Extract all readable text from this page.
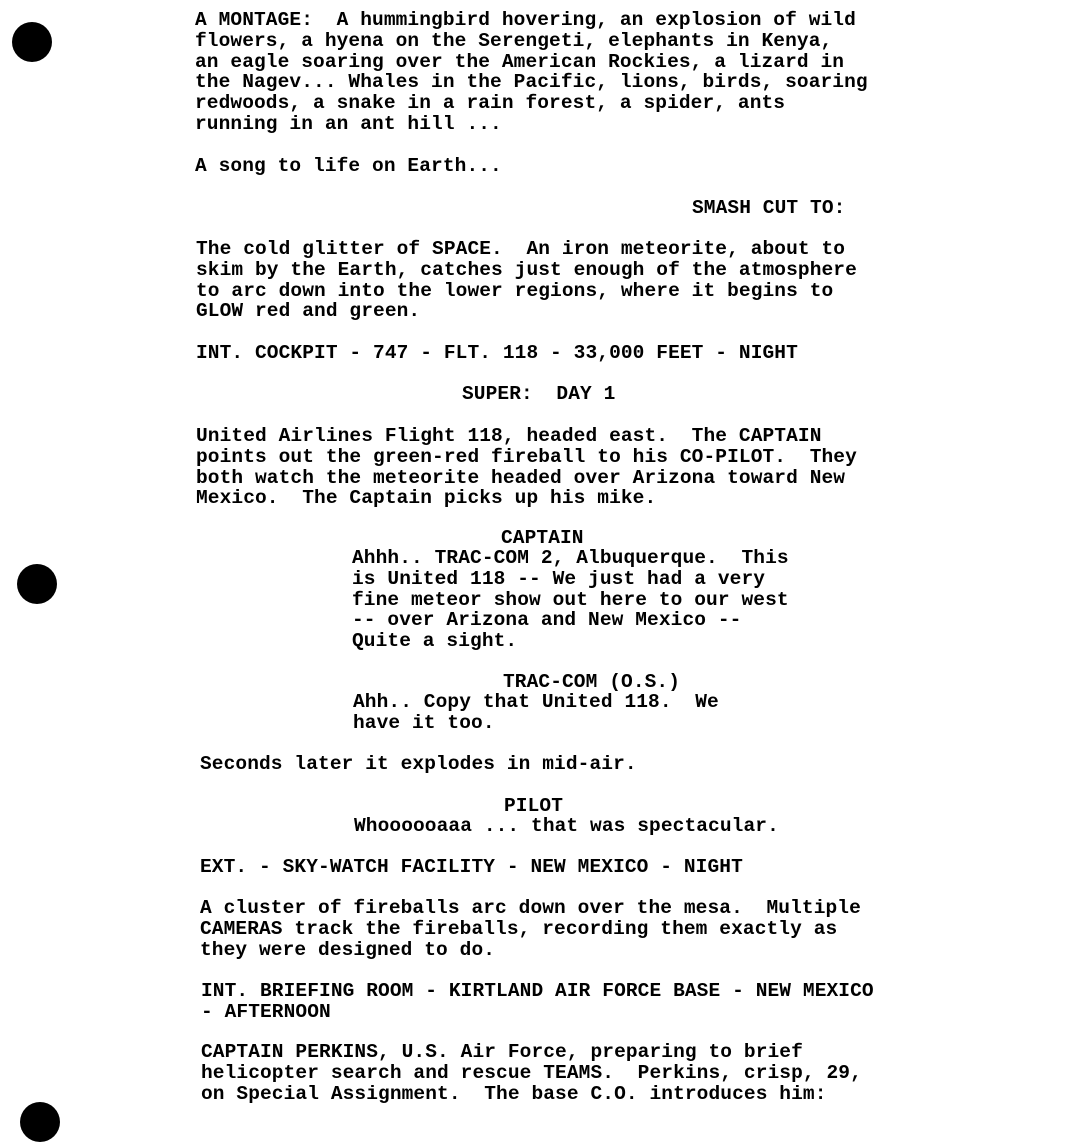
A MONTAGE:  A hummingbird hovering, an explosion of wild
flowers, a hyena on the Serengeti, elephants in Kenya,
an eagle soaring over the American Rockies, a lizard in
the Nagev... Whales in the Pacific, lions, birds, soaring
redwoods, a snake in a rain forest, a spider, ants
running in an ant hill ...
A song to life on Earth...
SMASH CUT TO:
The cold glitter of SPACE.  An iron meteorite, about to
skim by the Earth, catches just enough of the atmosphere
to arc down into the lower regions, where it begins to
GLOW red and green.
INT. COCKPIT - 747 - FLT. 118 - 33,000 FEET - NIGHT
SUPER:  DAY 1
United Airlines Flight 118, headed east.  The CAPTAIN
points out the green-red fireball to his CO-PILOT.  They
both watch the meteorite headed over Arizona toward New
Mexico.  The Captain picks up his mike.
CAPTAIN
Ahhh.. TRAC-COM 2, Albuquerque.  This
is United 118 -- We just had a very
fine meteor show out here to our west
-- over Arizona and New Mexico --
Quite a sight.
TRAC-COM (O.S.)
Ahh.. Copy that United 118.  We
have it too.
Seconds later it explodes in mid-air.
PILOT
Whoooooaaa ... that was spectacular.
EXT. - SKY-WATCH FACILITY - NEW MEXICO - NIGHT
A cluster of fireballs arc down over the mesa.  Multiple
CAMERAS track the fireballs, recording them exactly as
they were designed to do.
INT. BRIEFING ROOM - KIRTLAND AIR FORCE BASE - NEW MEXICO
- AFTERNOON
CAPTAIN PERKINS, U.S. Air Force, preparing to brief
helicopter search and rescue TEAMS.  Perkins, crisp, 29,
on Special Assignment.  The base C.O. introduces him:
